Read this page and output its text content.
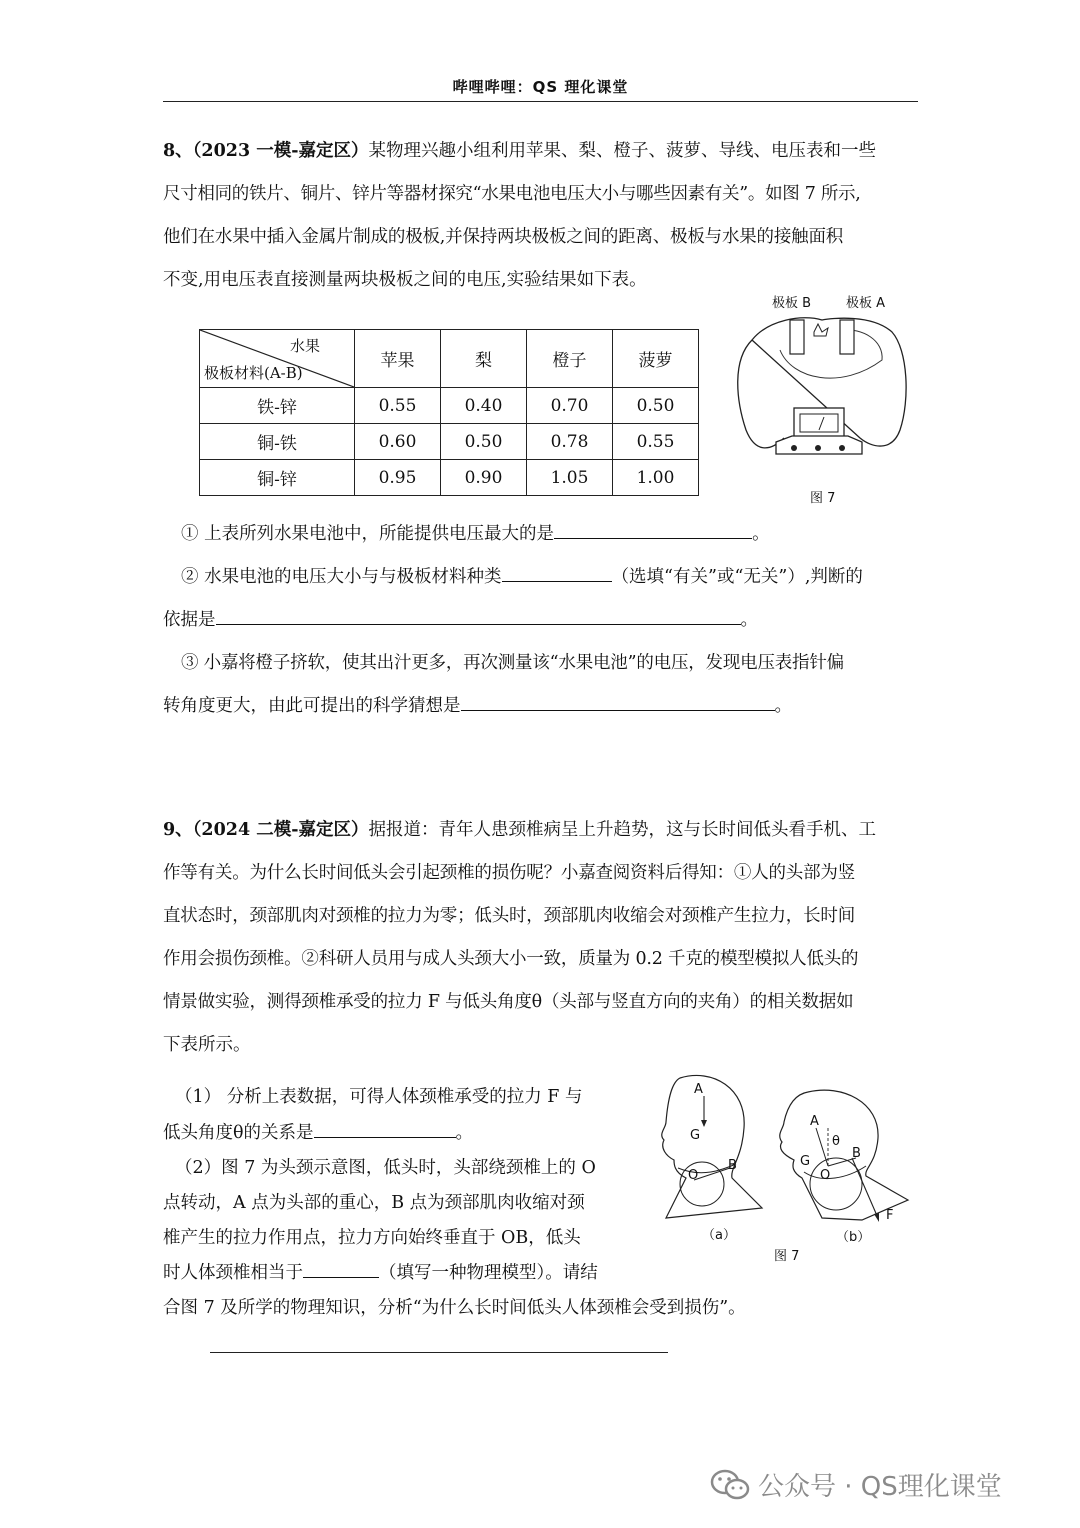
哔哩哔哩：QS 理化课堂

8、（2023 一模-嘉定区）某物理兴趣小组利用苹果、梨、橙子、菠萝、导线、电压表和一些

尺寸相同的铁片、铜片、锌片等器材探究“水果电池电压大小与哪些因素有关”。如图 7 所示,

他们在水果中插入金属片制成的极板,并保持两块极板之间的距离、极板与水果的接触面积

不变,用电压表直接测量两块极板之间的电压,实验结果如下表。

水果
极板材料(A-B)	苹果	梨	橙子	菠萝
铁-锌	0.55	0.40	0.70	0.50
铜-铁	0.60	0.50	0.78	0.55
铜-锌	0.95	0.90	1.05	1.00
极板 B	极板 A
图 7

① 上表所列水果电池中，所能提供电压最大的是	。

② 水果电池的电压大小与与极板材料种类	（选填“有关”或“无关”）,判断的

依据是	。

③ 小嘉将橙子挤软，使其出汁更多，再次测量该“水果电池”的电压，发现电压表指针偏

转角度更大，由此可提出的科学猜想是	。

9、（2024 二模-嘉定区）据报道：青年人患颈椎病呈上升趋势，这与长时间低头看手机、工

作等有关。为什么长时间低头会引起颈椎的损伤呢？小嘉查阅资料后得知：①人的头部为竖

直状态时，颈部肌肉对颈椎的拉力为零；低头时，颈部肌肉收缩会对颈椎产生拉力，长时间

作用会损伤颈椎。②科研人员用与成人头颈大小一致，质量为 0.2 千克的模型模拟人低头的

情景做实验，测得颈椎承受的拉力 F 与低头角度θ（头部与竖直方向的夹角）的相关数据如

下表所示。

（1） 分析上表数据，可得人体颈椎承受的拉力 F 与

低头角度θ的关系是	。

（2）图 7 为头颈示意图，低头时，头部绕颈椎上的 O

点转动，A 点为头部的重心，B 点为颈部肌肉收缩对颈

椎产生的拉力作用点，拉力方向始终垂直于 OB，低头

时人体颈椎相当于	（填写一种物理模型）。请结

合图 7 及所学的物理知识，分析“为什么长时间低头人体颈椎会受到损伤”。

A
G
O
B
A
θ
G
O
B
F
（a）	（b）
图 7
公众号 · QS理化课堂
